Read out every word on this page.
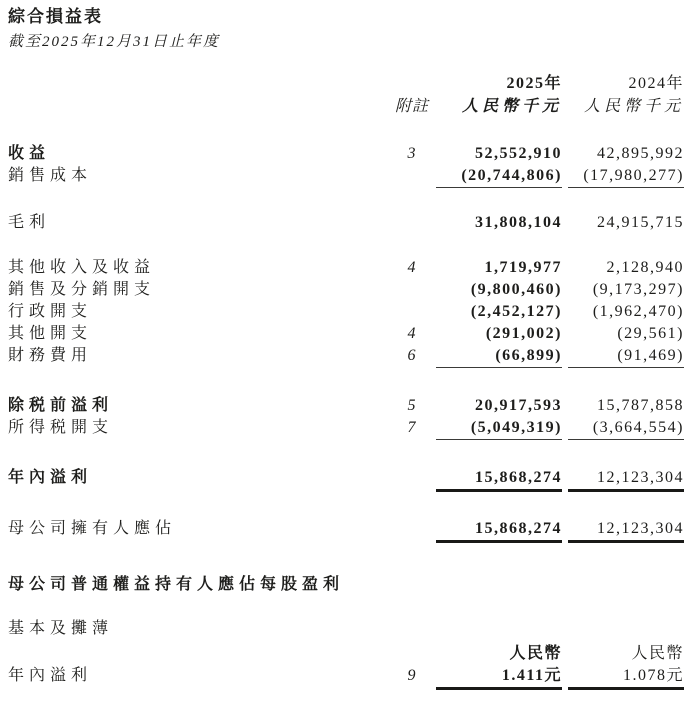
綜合損益表
截至2025年12月31日止年度
2025年	2024年
附註	人民幣千元	人民幣千元
收益	3	52,552,910	42,895,992
銷售成本	(20,744,806)	(17,980,277)
毛利	31,808,104	24,915,715
其他收入及收益	4	1,719,977	2,128,940
銷售及分銷開支	(9,800,460)	(9,173,297)
行政開支	(2,452,127)	(1,962,470)
其他開支	4	(291,002)	(29,561)
財務費用	6	(66,899)	(91,469)
除税前溢利	5	20,917,593	15,787,858
所得税開支	7	(5,049,319)	(3,664,554)
年內溢利	15,868,274	12,123,304
母公司擁有人應佔	15,868,274	12,123,304
母公司普通權益持有人應佔每股盈利
基本及攤薄
人民幣	人民幣
年內溢利	9	1.411元	1.078元
